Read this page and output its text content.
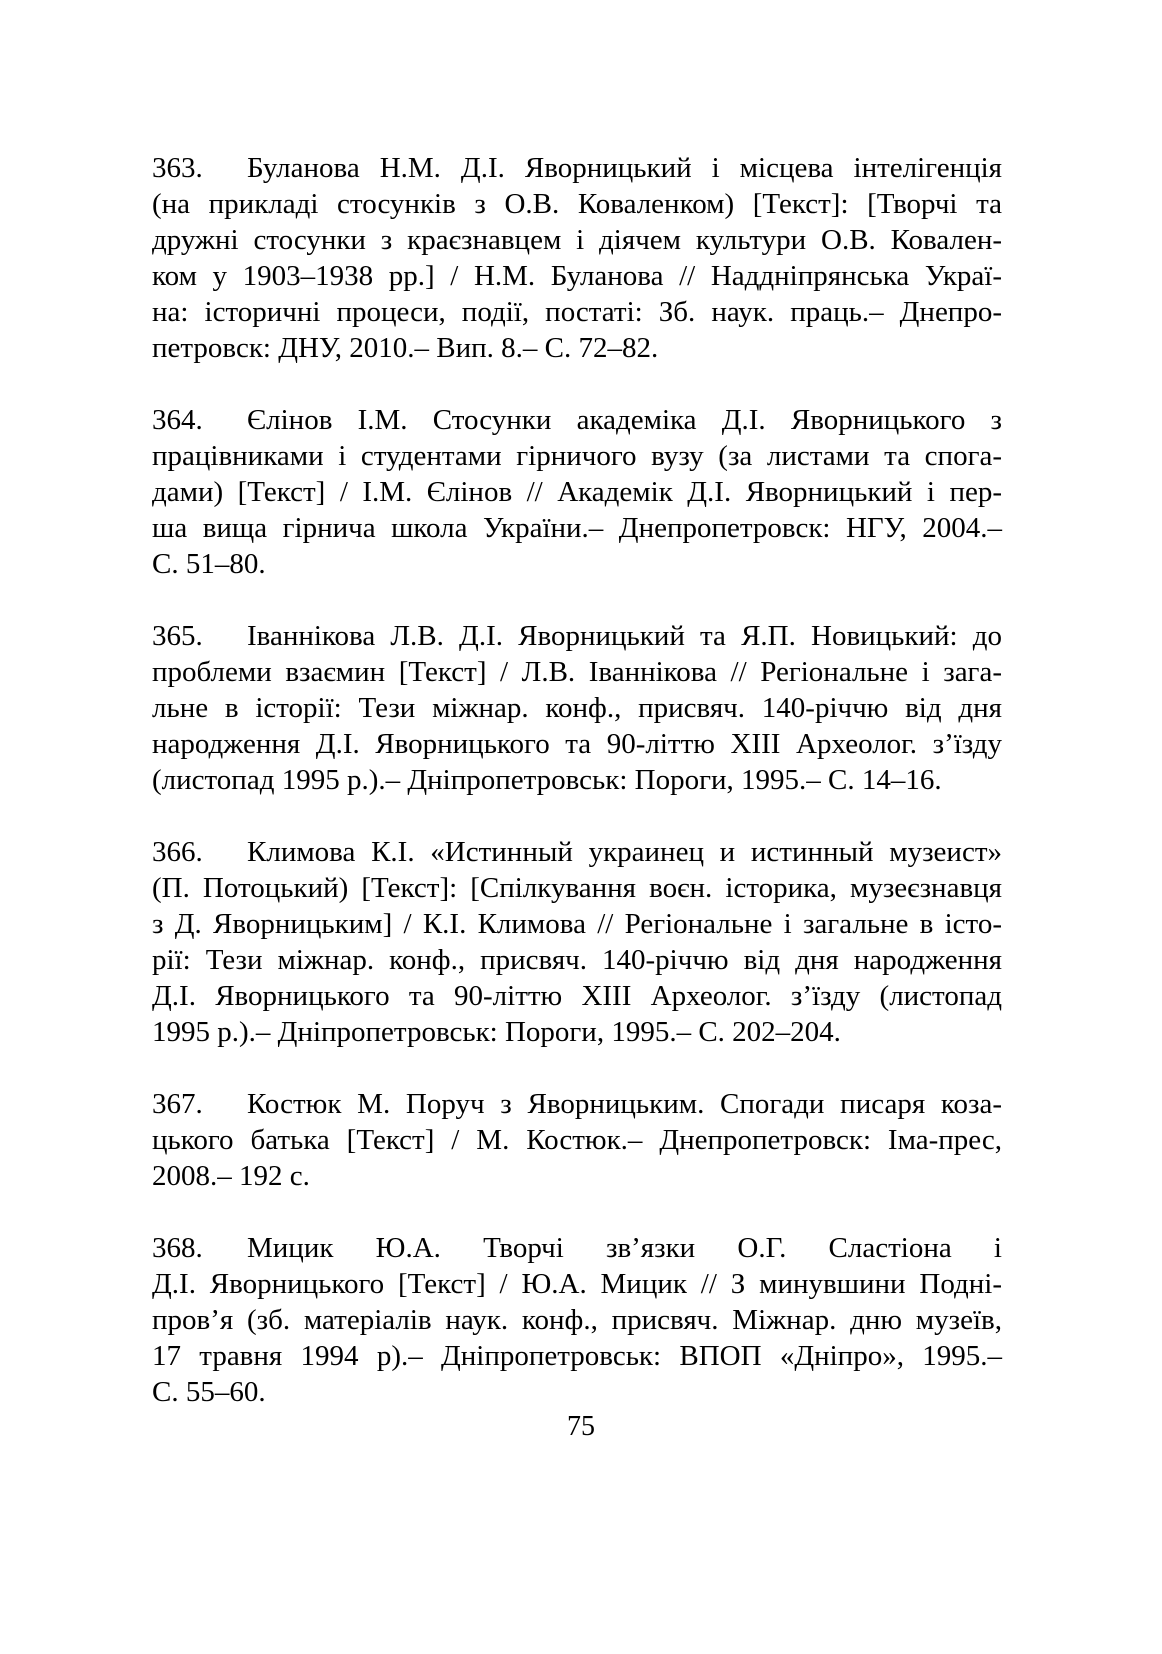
363. Буланова Н.М. Д.І. Яворницький і місцева інтелігенція
(на прикладі стосунків з О.В. Коваленком) [Текст]: [Творчі та
дружні стосунки з краєзнавцем і діячем культури О.В. Ковален-
ком у 1903–1938 рр.] / Н.М. Буланова // Наддніпрянська Украї-
на: історичні процеси, події, постаті: Зб. наук. праць.– Днепро-
петровск: ДНУ, 2010.– Вип. 8.– С. 72–82.
364. Єлінов І.М. Стосунки академіка Д.І. Яворницького з
працівниками і студентами гірничого вузу (за листами та спога-
дами) [Текст] / І.М. Єлінов // Академік Д.І. Яворницький і пер-
ша вища гірнича школа України.– Днепропетровск: НГУ, 2004.–
С. 51–80.
365. Іваннікова Л.В. Д.І. Яворницький та Я.П. Новицький: до
проблеми взаємин [Текст] / Л.В. Іваннікова // Регіональне і зага-
льне в історії: Тези міжнар. конф., присвяч. 140-річчю від дня
народження Д.І. Яворницького та 90-літтю XIII Археолог. з’їзду
(листопад 1995 р.).– Дніпропетровськ: Пороги, 1995.– С. 14–16.
366. Климова К.І. «Истинный украинец и истинный музеист»
(П. Потоцький) [Текст]: [Спілкування воєн. історика, музеєзнавця
з Д. Яворницьким] / К.І. Климова // Регіональне і загальне в істо-
рії: Тези міжнар. конф., присвяч. 140-річчю від дня народження
Д.І. Яворницького та 90-літтю XIII Археолог. з’їзду (листопад
1995 р.).– Дніпропетровськ: Пороги, 1995.– С. 202–204.
367. Костюк М. Поруч з Яворницьким. Спогади писаря коза-
цького батька [Текст] / М. Костюк.– Днепропетровск: Іма-прес,
2008.– 192 с.
368. Мицик Ю.А. Творчі зв’язки О.Г. Сластіона і
Д.І. Яворницького [Текст] / Ю.А. Мицик // З минувшини Подні-
пров’я (зб. матеріалів наук. конф., присвяч. Міжнар. дню музеїв,
17 травня 1994 р).– Дніпропетровськ: ВПОП «Дніпро», 1995.–
С. 55–60.
75
